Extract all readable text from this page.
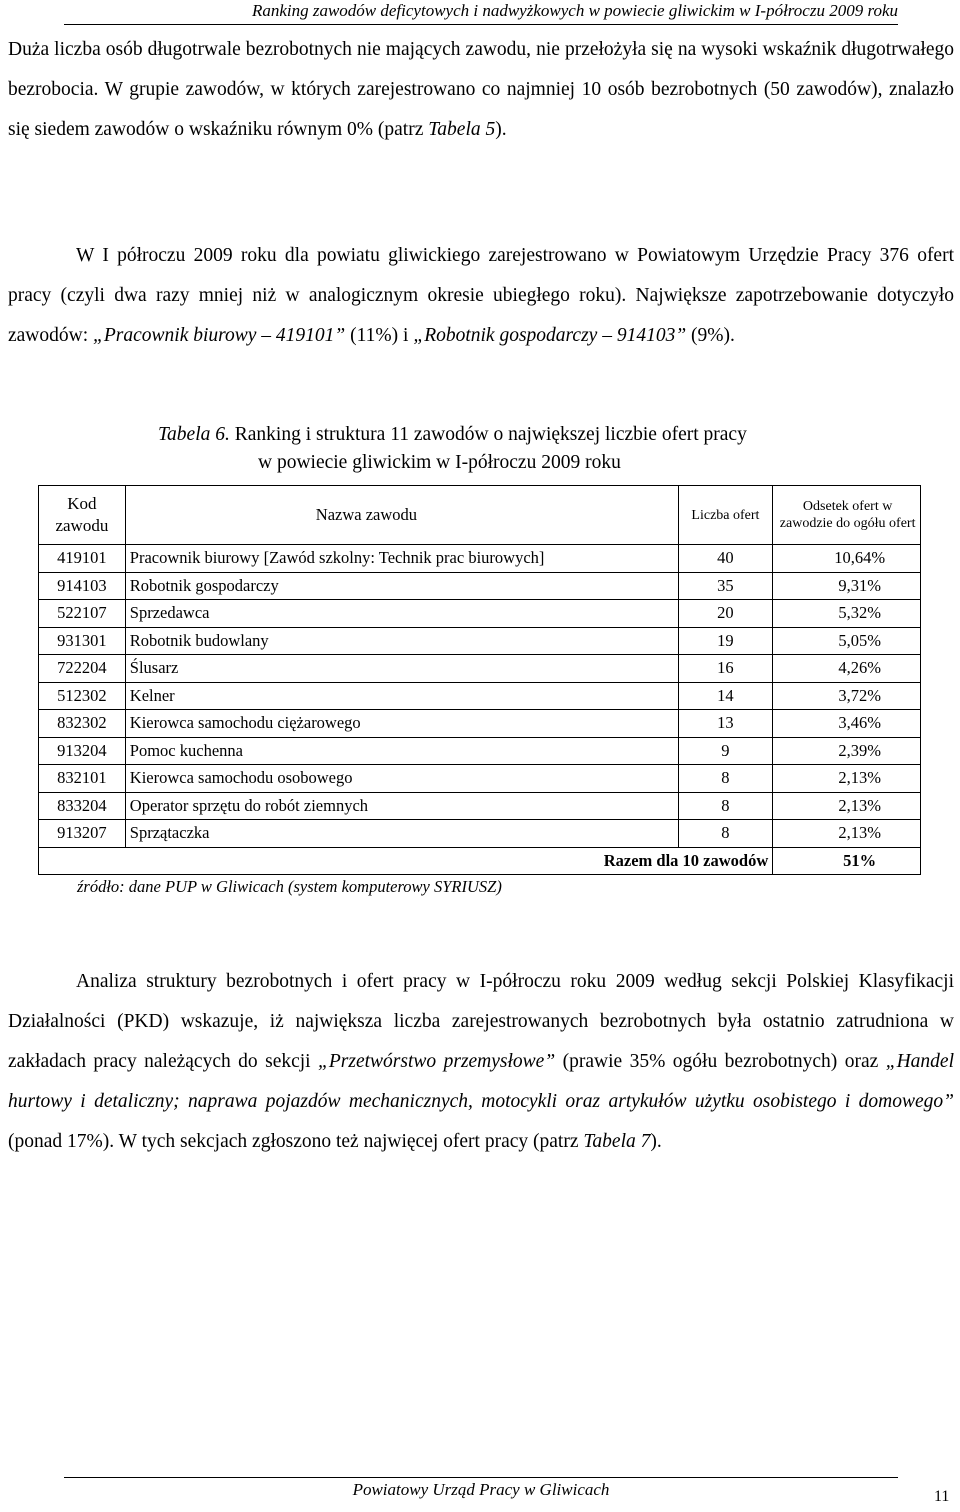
Ranking zawodów deficytowych i nadwyżkowych w powiecie gliwickim w I-półroczu 2009 roku
Duża liczba osób długotrwale bezrobotnych nie mających zawodu, nie przełożyła się na wysoki wskaźnik długotrwałego bezrobocia. W grupie zawodów, w których zarejestrowano co najmniej 10 osób bezrobotnych (50 zawodów), znalazło się siedem zawodów o wskaźniku równym 0% (patrz Tabela 5).
W I półroczu 2009 roku dla powiatu gliwickiego zarejestrowano w Powiatowym Urzędzie Pracy 376 ofert pracy (czyli dwa razy mniej niż w analogicznym okresie ubiegłego roku). Największe zapotrzebowanie dotyczyło zawodów: „Pracownik biurowy – 419101” (11%) i „Robotnik gospodarczy – 914103” (9%).
Tabela 6. Ranking i struktura 11 zawodów o największej liczbie ofert pracy
w powiecie gliwickim w I-półroczu 2009 roku
Kod zawodu	Nazwa zawodu	Liczba ofert	Odsetek ofert w zawodzie do ogółu ofert
419101	Pracownik biurowy [Zawód szkolny: Technik prac biurowych]	40	10,64%
914103	Robotnik gospodarczy	35	9,31%
522107	Sprzedawca	20	5,32%
931301	Robotnik budowlany	19	5,05%
722204	Ślusarz	16	4,26%
512302	Kelner	14	3,72%
832302	Kierowca samochodu ciężarowego	13	3,46%
913204	Pomoc kuchenna	9	2,39%
832101	Kierowca samochodu osobowego	8	2,13%
833204	Operator sprzętu do robót ziemnych	8	2,13%
913207	Sprzątaczka	8	2,13%
Razem dla 10 zawodów			51%
źródło: dane PUP w Gliwicach (system komputerowy SYRIUSZ)
Analiza struktury bezrobotnych i ofert pracy w I-półroczu roku 2009 według sekcji Polskiej Klasyfikacji Działalności (PKD) wskazuje, iż największa liczba zarejestrowanych bezrobotnych była ostatnio zatrudniona w zakładach pracy należących do sekcji „Przetwórstwo przemysłowe” (prawie 35% ogółu bezrobotnych) oraz „Handel hurtowy i detaliczny; naprawa pojazdów mechanicznych, motocykli oraz artykułów użytku osobistego i domowego” (ponad 17%). W tych sekcjach zgłoszono też najwięcej ofert pracy (patrz Tabela 7).
Powiatowy Urząd Pracy w Gliwicach	11
